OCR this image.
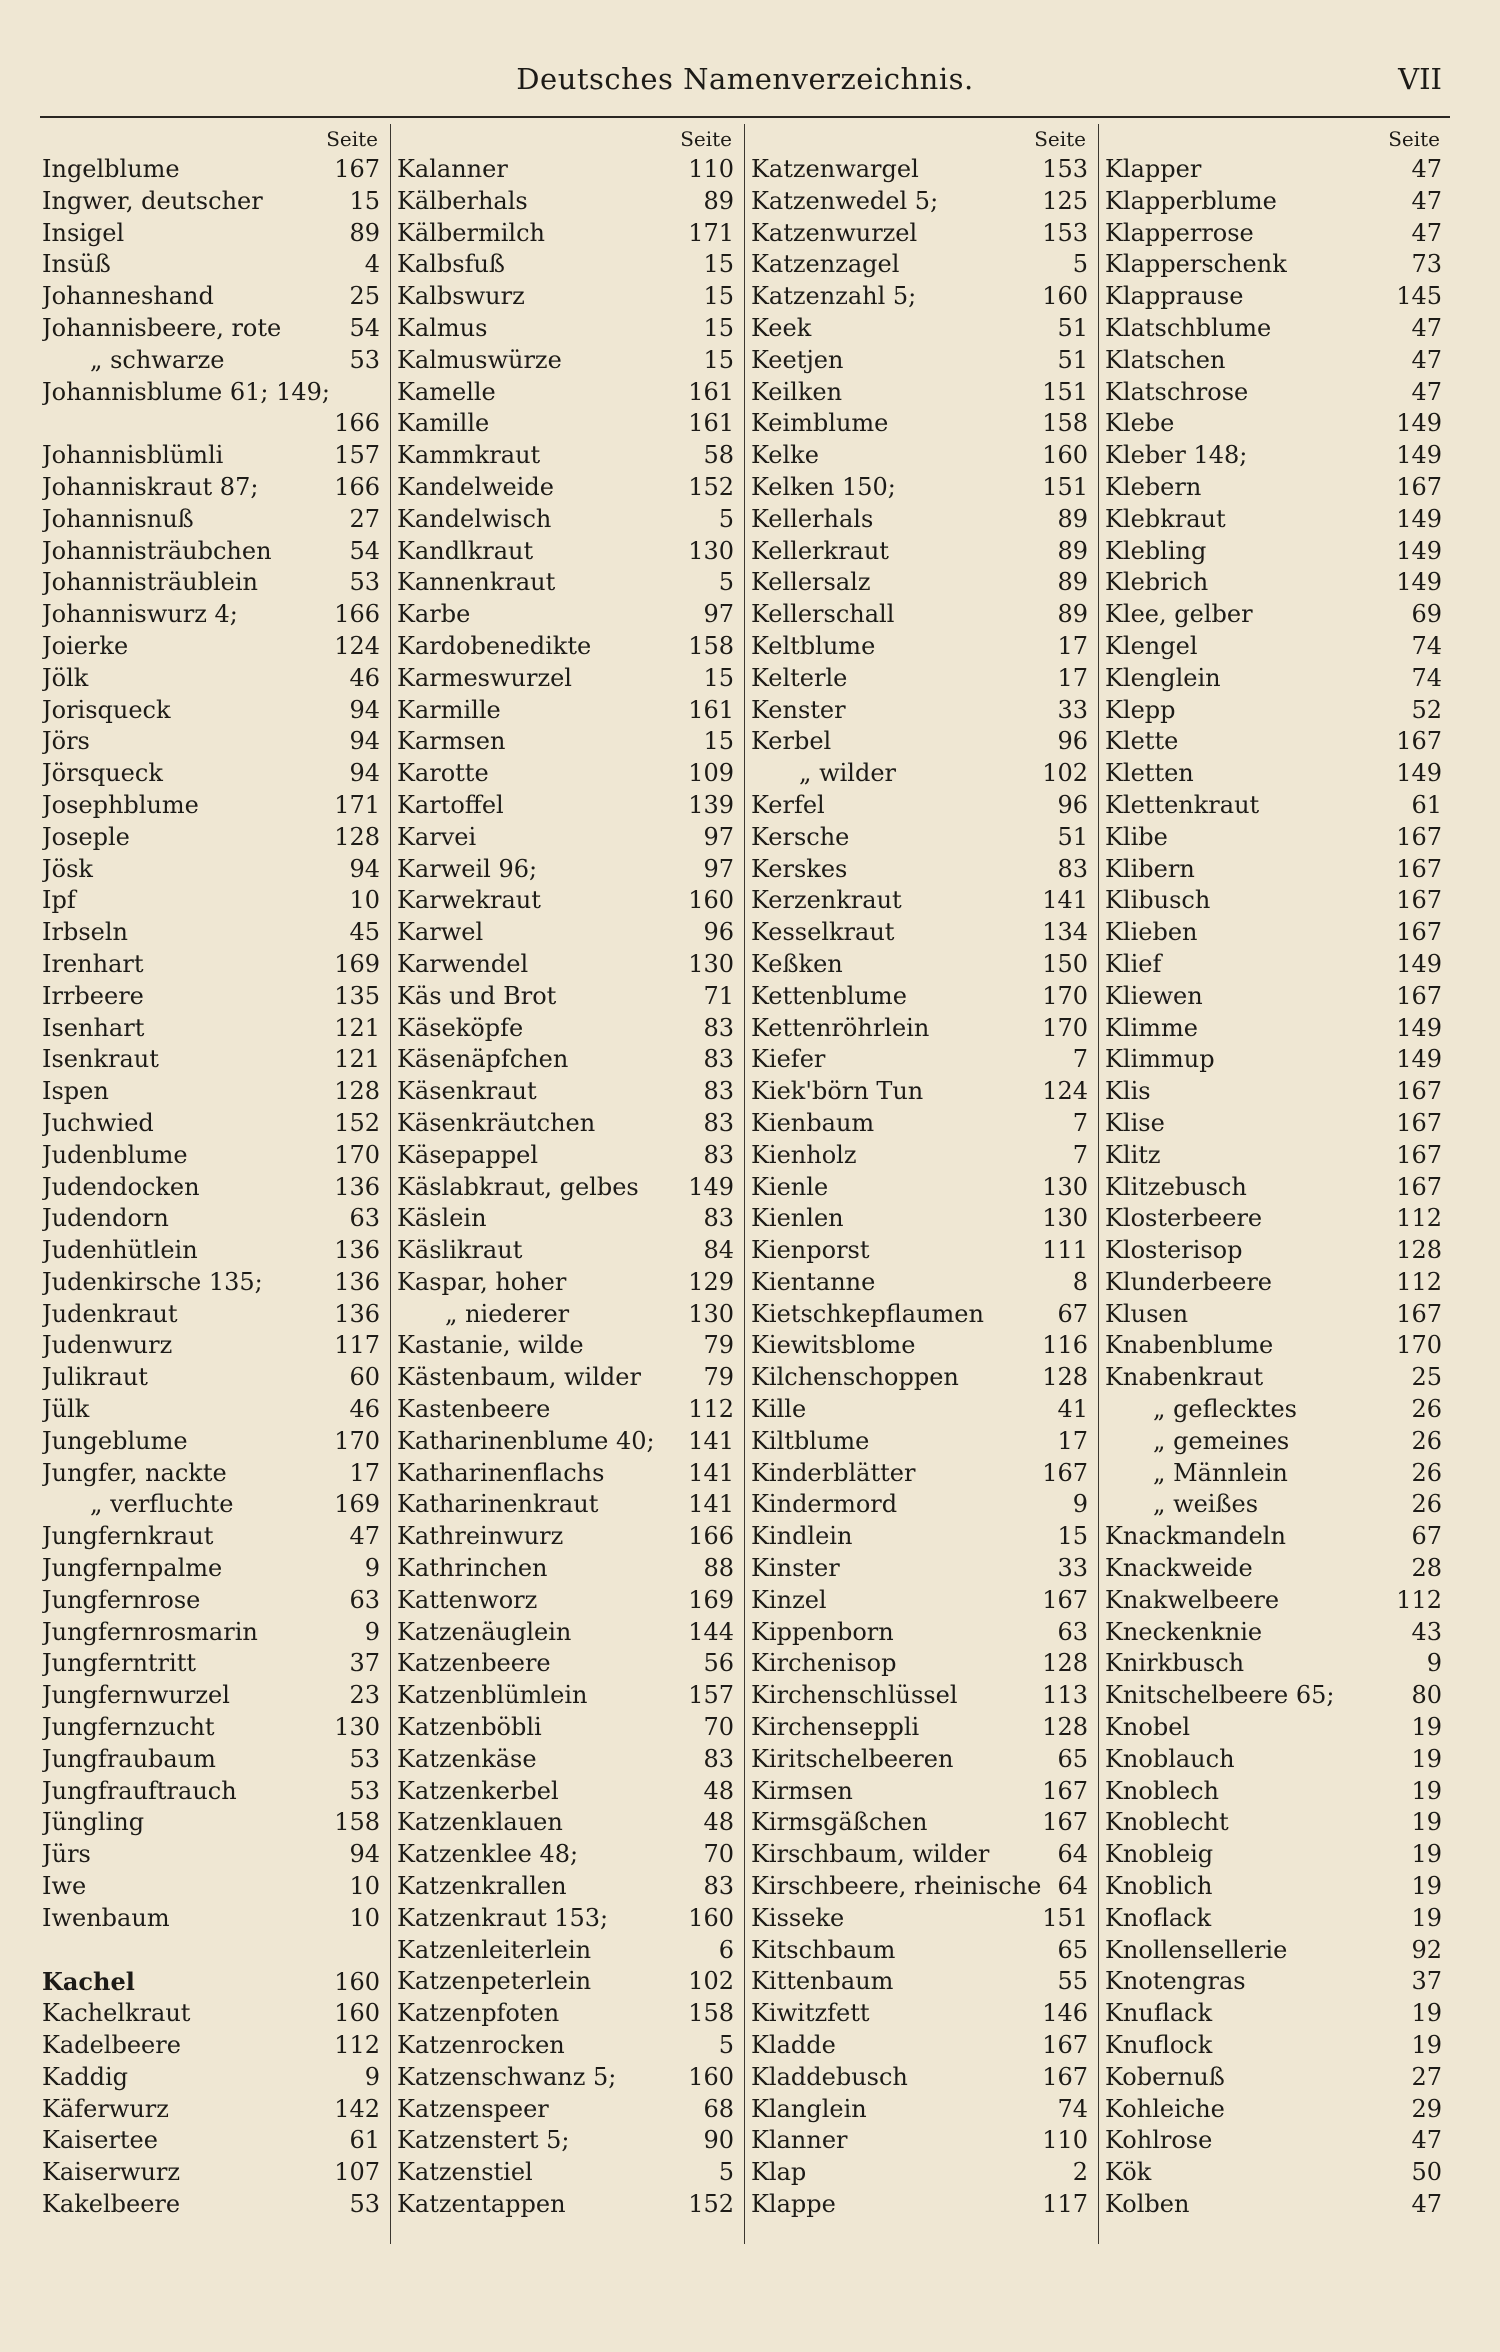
Deutsches Namenverzeichnis.	VII
Seite
Ingelblume	167
Ingwer, deutscher	15
Insigel	89
Insüß	4
Johanneshand	25
Johannisbeere, rote	54
„ schwarze	53
Johannisblume 61; 149;
166
Johannisblümli	157
Johanniskraut 87;	166
Johannisnuß	27
Johannisträubchen	54
Johannisträublein	53
Johanniswurz 4;	166
Joierke	124
Jölk	46
Jorisqueck	94
Jörs	94
Jörsqueck	94
Josephblume	171
Joseple	128
Jösk	94
Ipf	10
Irbseln	45
Irenhart	169
Irrbeere	135
Isenhart	121
Isenkraut	121
Ispen	128
Juchwied	152
Judenblume	170
Judendocken	136
Judendorn	63
Judenhütlein	136
Judenkirsche 135;	136
Judenkraut	136
Judenwurz	117
Julikraut	60
Jülk	46
Jungeblume	170
Jungfer, nackte	17
„ verfluchte	169
Jungfernkraut	47
Jungfernpalme	9
Jungfernrose	63
Jungfernrosmarin	9
Jungferntritt	37
Jungfernwurzel	23
Jungfernzucht	130
Jungfraubaum	53
Jungfrauftrauch	53
Jüngling	158
Jürs	94
Iwe	10
Iwenbaum	10
Kachel	160
Kachelkraut	160
Kadelbeere	112
Kaddig	9
Käferwurz	142
Kaisertee	61
Kaiserwurz	107
Kakelbeere	53
Seite
Kalanner	110
Kälberhals	89
Kälbermilch	171
Kalbsfuß	15
Kalbswurz	15
Kalmus	15
Kalmuswürze	15
Kamelle	161
Kamille	161
Kammkraut	58
Kandelweide	152
Kandelwisch	5
Kandlkraut	130
Kannenkraut	5
Karbe	97
Kardobenedikte	158
Karmeswurzel	15
Karmille	161
Karmsen	15
Karotte	109
Kartoffel	139
Karvei	97
Karweil 96;	97
Karwekraut	160
Karwel	96
Karwendel	130
Käs und Brot	71
Käseköpfe	83
Käsenäpfchen	83
Käsenkraut	83
Käsenkräutchen	83
Käsepappel	83
Käslabkraut, gelbes	149
Käslein	83
Käslikraut	84
Kaspar, hoher	129
„ niederer	130
Kastanie, wilde	79
Kästenbaum, wilder	79
Kastenbeere	112
Katharinenblume 40;	141
Katharinenflachs	141
Katharinenkraut	141
Kathreinwurz	166
Kathrinchen	88
Kattenworz	169
Katzenäuglein	144
Katzenbeere	56
Katzenblümlein	157
Katzenböbli	70
Katzenkäse	83
Katzenkerbel	48
Katzenklauen	48
Katzenklee 48;	70
Katzenkrallen	83
Katzenkraut 153;	160
Katzenleiterlein	6
Katzenpeterlein	102
Katzenpfoten	158
Katzenrocken	5
Katzenschwanz 5;	160
Katzenspeer	68
Katzenstert 5;	90
Katzenstiel	5
Katzentappen	152
Seite
Katzenwargel	153
Katzenwedel 5;	125
Katzenwurzel	153
Katzenzagel	5
Katzenzahl 5;	160
Keek	51
Keetjen	51
Keilken	151
Keimblume	158
Kelke	160
Kelken 150;	151
Kellerhals	89
Kellerkraut	89
Kellersalz	89
Kellerschall	89
Keltblume	17
Kelterle	17
Kenster	33
Kerbel	96
„ wilder	102
Kerfel	96
Kersche	51
Kerskes	83
Kerzenkraut	141
Kesselkraut	134
Keßken	150
Kettenblume	170
Kettenröhrlein	170
Kiefer	7
Kiek'börn Tun	124
Kienbaum	7
Kienholz	7
Kienle	130
Kienlen	130
Kienporst	111
Kientanne	8
Kietschkepflaumen	67
Kiewitsblome	116
Kilchenschoppen	128
Kille	41
Kiltblume	17
Kinderblätter	167
Kindermord	9
Kindlein	15
Kinster	33
Kinzel	167
Kippenborn	63
Kirchenisop	128
Kirchenschlüssel	113
Kirchenseppli	128
Kiritschelbeeren	65
Kirmsen	167
Kirmsgäßchen	167
Kirschbaum, wilder	64
Kirschbeere, rheinische 64
Kisseke	151
Kitschbaum	65
Kittenbaum	55
Kiwitzfett	146
Kladde	167
Kladdebusch	167
Klanglein	74
Klanner	110
Klap	2
Klappe	117
Seite
Klapper	47
Klapperblume	47
Klapperrose	47
Klapperschenk	73
Klapprause	145
Klatschblume	47
Klatschen	47
Klatschrose	47
Klebe	149
Kleber 148;	149
Klebern	167
Klebkraut	149
Klebling	149
Klebrich	149
Klee, gelber	69
Klengel	74
Klenglein	74
Klepp	52
Klette	167
Kletten	149
Klettenkraut	61
Klibe	167
Klibern	167
Klibusch	167
Klieben	167
Klief	149
Kliewen	167
Klimme	149
Klimmup	149
Klis	167
Klise	167
Klitz	167
Klitzebusch	167
Klosterbeere	112
Klosterisop	128
Klunderbeere	112
Klusen	167
Knabenblume	170
Knabenkraut	25
„ geflecktes	26
„ gemeines	26
„ Männlein	26
„ weißes	26
Knackmandeln	67
Knackweide	28
Knakwelbeere	112
Kneckenknie	43
Knirkbusch	9
Knitschelbeere 65;	80
Knobel	19
Knoblauch	19
Knoblech	19
Knoblecht	19
Knobleig	19
Knoblich	19
Knoflack	19
Knollensellerie	92
Knotengras	37
Knuflack	19
Knuflock	19
Kobernuß	27
Kohleiche	29
Kohlrose	47
Kök	50
Kolben	47
